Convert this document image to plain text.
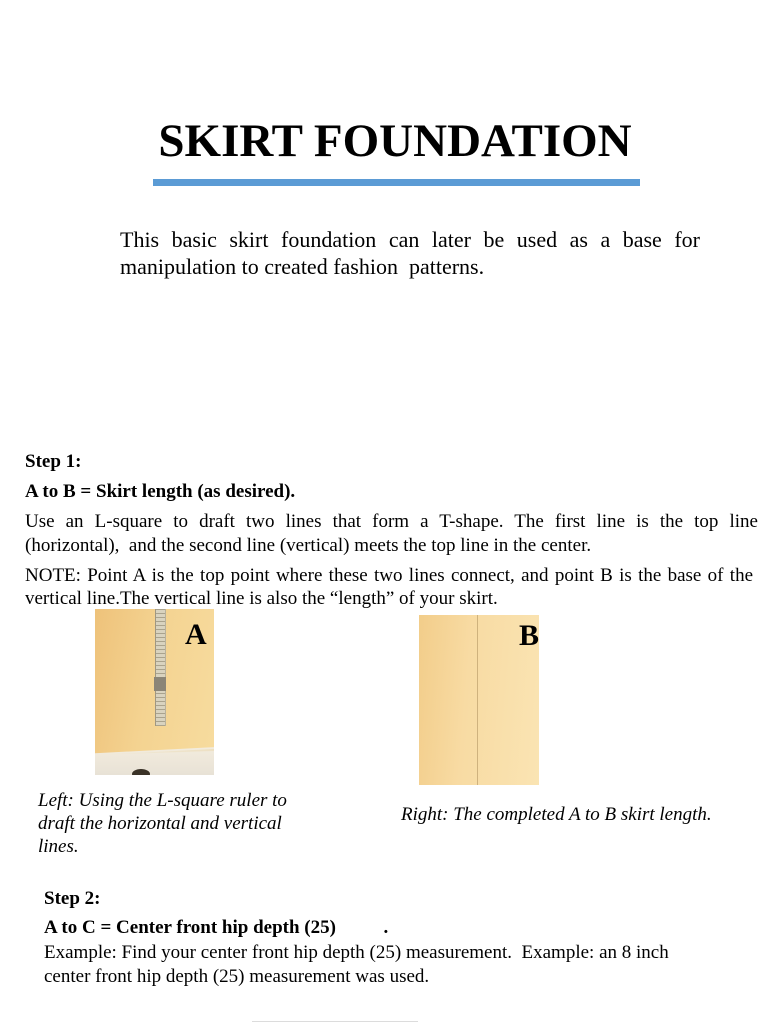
SKIRT FOUNDATION
This basic skirt foundation can later be used as a base for
manipulation to created fashion  patterns.
Step 1:
A to B = Skirt length (as desired).
Use an L-square to draft two lines that form a T-shape. The first line is the top line
(horizontal),  and the second line (vertical) meets the top line in the center.
NOTE: Point A is the top point where these two lines connect, and point B is the base of the
vertical line.The vertical line is also the “length” of your skirt.
A	B
Left: Using the L-square ruler to
draft the horizontal and vertical
lines.
Right: The completed A to B skirt length.
Step 2:
A to C = Center front hip depth (25)          .
Example: Find your center front hip depth (25) measurement.  Example: an 8 inch
center front hip depth (25) measurement was used.
